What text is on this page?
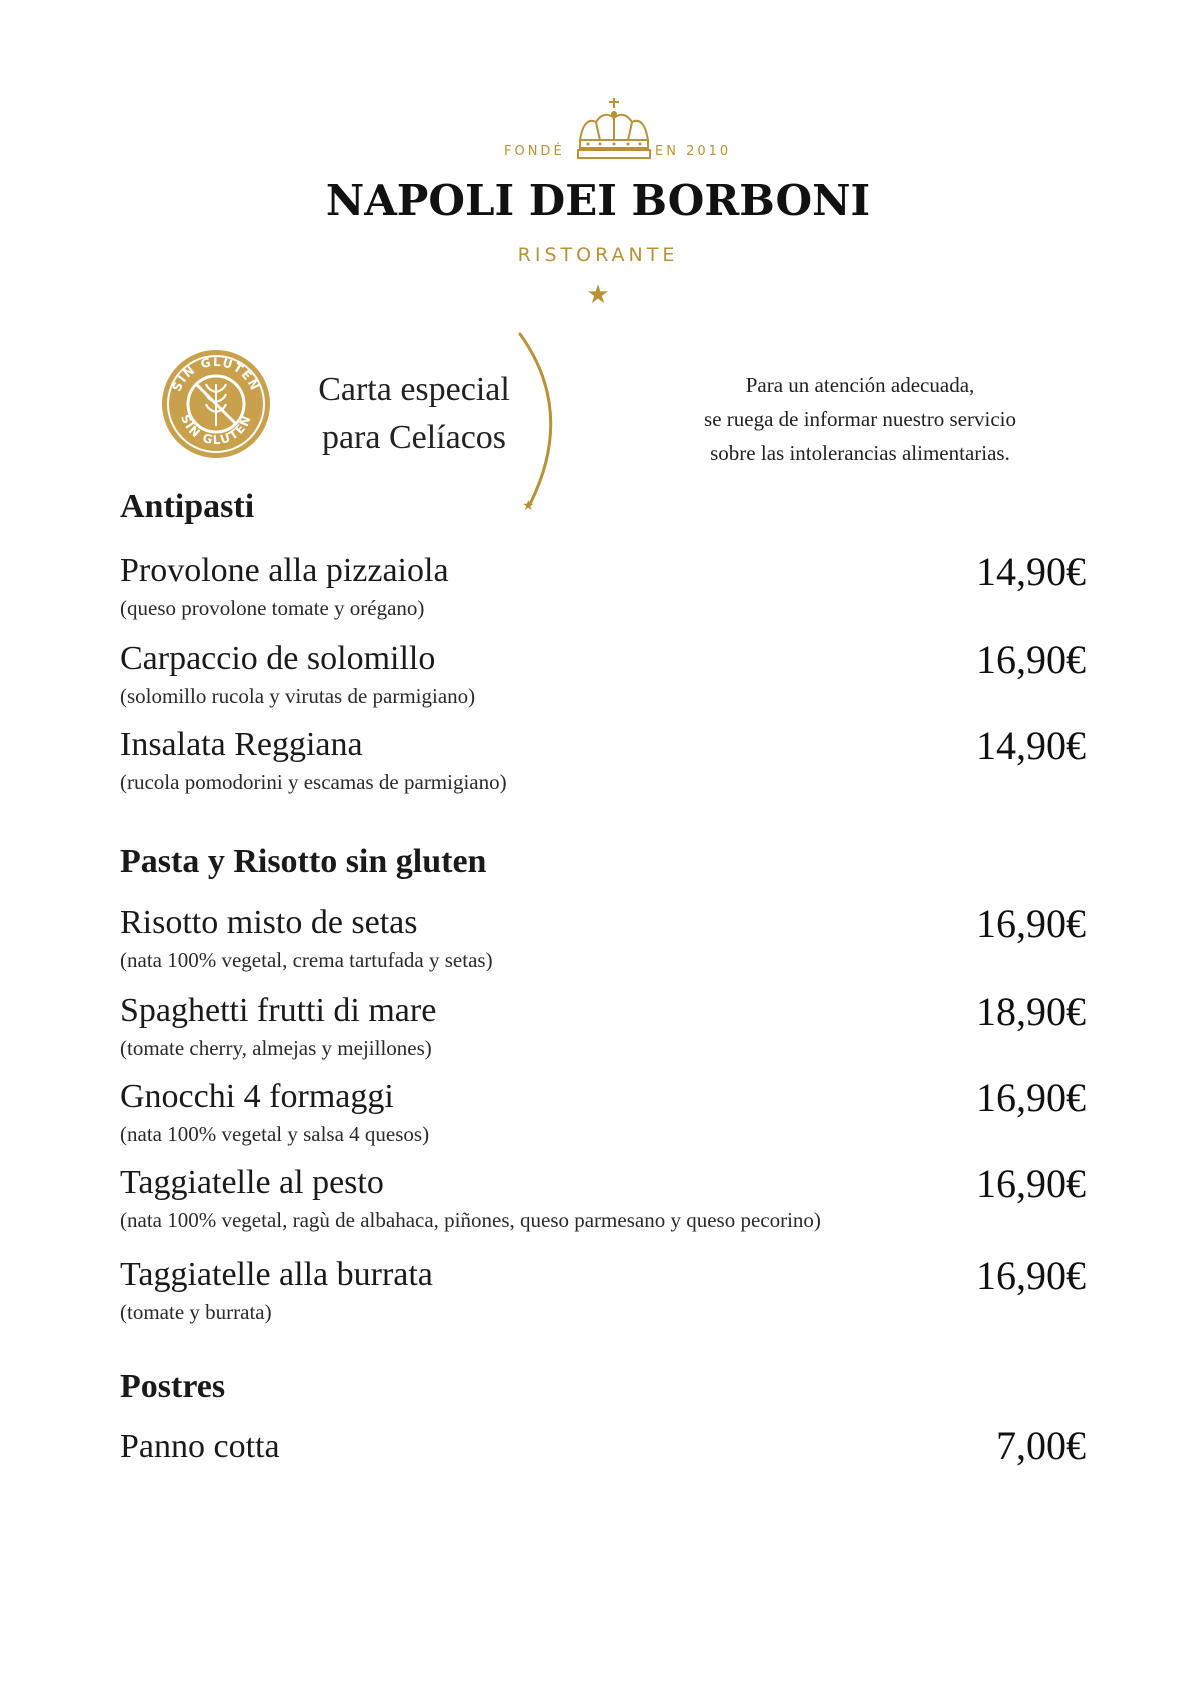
FONDÉ	EN 2010
NAPOLI DEI BORBONI
RISTORANTE
★
SIN GLUTEN
SIN GLUTEN
Carta especial
para Celíacos
★
Para un atención adecuada,
se ruega de informar nuestro servicio
sobre las intolerancias alimentarias.
Antipasti
Provolone alla pizzaiola
(queso provolone tomate y orégano)
14,90€
Carpaccio de solomillo
(solomillo rucola y virutas de parmigiano)
16,90€
Insalata Reggiana
(rucola pomodorini y escamas de parmigiano)
14,90€
Pasta y Risotto sin gluten
Risotto misto de setas
(nata 100% vegetal, crema tartufada y setas)
16,90€
Spaghetti frutti di mare
(tomate cherry, almejas y mejillones)
18,90€
Gnocchi 4 formaggi
(nata 100% vegetal y salsa 4 quesos)
16,90€
Taggiatelle al pesto
(nata 100% vegetal, ragù de albahaca, piñones, queso parmesano y queso pecorino)
16,90€
Taggiatelle alla burrata
(tomate y burrata)
16,90€
Postres
Panno cotta	7,00€
